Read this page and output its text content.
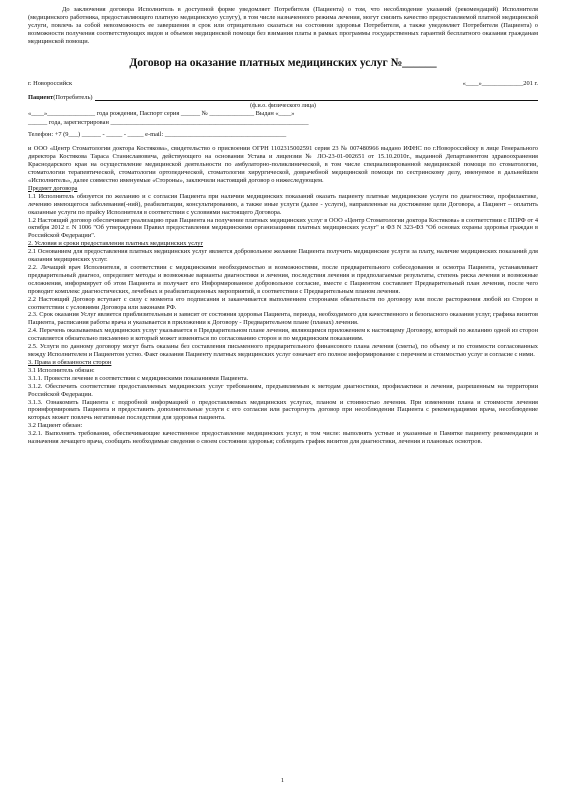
До заключения договора Исполнитель в доступной форме уведомляет Потребителя (Пациента) о том, что несоблюдение указаний (рекомендаций) Исполнителя (медицинского работника, предоставляющего платную медицинскую услугу), в том числе назначенного режима лечения, могут снизить качество предоставляемой платной медицинской услуги, повлечь за собой невозможность ее завершения в срок или отрицательно сказаться на состоянии здоровья Потребителя, а также уведомляет Потребителя (Пациента) о возможности получения соответствующих видов и объемов медицинской помощи без взимания платы в рамках программы государственных гарантий бесплатного оказания гражданам медицинской помощи.

Договор на оказание платных медицинских услуг №______
г. Новороссийск	«____»_____________201 г.
Пациент (Потребитель)
(ф.и.о. физического лица)

«____»_______________ года рождения, Паспорт серия ______ № ______________ Выдан «____»

______ года, зарегистрирован ______________________________________________________________

Телефон: +7 (9___) ______ - _____ - _____ e-mail: ______________________________________

и ООО «Центр Стоматологии доктора Костякова», свидетельство о присвоении ОГРН 1102315002591 серия 23 № 007480966 выдано ИФНС по г.Новороссийску в лице Генерального директора Костякова Тараса Станиславовича, действующего на основании Устава и лицензии № ЛО-23-01-002651 от 15.10.2010г., выданной Департаментом здравоохранения Краснодарского края на осуществление медицинской деятельности по амбулаторно-поликлинической, в том числе специализированной медицинской помощи по стоматологии, стоматологии терапевтической, стоматологии ортопедической, стоматологии хирургической, доврачебной медицинской помощи по сестринскому делу, именуемое в дальнейшем «Исполнитель», далее совместно именуемые «Стороны», заключили настоящий договор о нижеследующем.

Предмет договора

1.1 Исполнитель обязуется по желанию и с согласия Пациента при наличии медицинских показаний оказать пациенту платные медицинские услуги по диагностике, профилактике, лечению имеющегося заболевания(-ний), реабилитации, консультированию, а также иные услуги (далее - услуги), направленные на достижение цели Договора, а Пациент – оплатить оказанные услуги по прайсу Исполнителя в соответствии с условиями настоящего Договора.

1.2 Настоящий договор обеспечивает реализацию прав Пациента на получение платных медицинских услуг в ООО «Центр Стоматологии доктора Костякова» в соответствии с ППРФ от 4 октября 2012 г. N 1006 "Об утверждении Правил предоставления медицинскими организациями платных медицинских услуг" и ФЗ N 323-ФЗ "Об основах охраны здоровья граждан в Российской Федерации".

2. Условия и сроки предоставления платных медицинских услуг

2.1 Основанием для предоставления платных медицинских услуг является добровольное желание Пациента получить медицинские услуги за плату, наличие медицинских показаний для оказания медицинских услуг.

2.2. Лечащий врач Исполнителя, в соответствии с медицинскими необходимостью и возможностями, после предварительного собеседования и осмотра Пациента, устанавливает предварительный диагноз, определяет методы и возможные варианты диагностики и лечения, последствия лечения и предполагаемые результаты, степень риска лечения и возможные осложнения, информирует об этом Пациента и получает его Информированное добровольное согласие, вместе с Пациентом составляет Предварительный план лечения, после чего проводит комплекс диагностических, лечебных и реабилитационных мероприятий, в соответствии с Предварительным планом лечения.

2.2 Настоящий Договор вступает с силу с момента его подписания и заканчивается выполнением сторонами обязательств по договору или после расторжения любой из Сторон в соответствии с условиями Договора или законами РФ.

2.3. Срок оказания Услуг является приблизительным и зависит от состояния здоровья Пациента, периода, необходимого для качественного и безопасного оказания услуг, графика визитов Пациента, расписания работы врача и указывается в приложении к Договору - Предварительном плане (планах) лечения.

2.4. Перечень оказываемых медицинских услуг указывается в Предварительном плане лечения, являющимся приложением к настоящему Договору, который по желанию одной из сторон составляется обязательно письменно и который может изменяться по согласованию сторон и по медицинским показаниям.

2.5. Услуги по данному договору могут быть оказаны без составления письменного предварительного финансового плана лечения (сметы), по объему и по стоимости согласованных между Исполнителем и Пациентом устно. Факт оказания Пациенту платных медицинских услуг означает его полное информирование с перечнем и стоимостью услуг и согласие с ними.

3. Права и обязанности сторон

3.1 Исполнитель обязан:

3.1.1. Провести лечение в соответствии с медицинскими показаниями Пациента.

3.1.2. Обеспечить соответствие предоставляемых медицинских услуг требованиям, предъявляемым к методам диагностики, профилактики и лечения, разрешенным на территории Российской Федерации.

3.1.3. Ознакомить Пациента с подробной информацией о предоставляемых медицинских услугах, планом и стоимостью лечения. При изменении плана и стоимости лечения проинформировать Пациента и предоставить дополнительные услуги с его согласия или расторгнуть договор при несоблюдении Пациента с рекомендациями врача, несоблюдение которых может повлечь негативные последствия для здоровья пациента.

3.2 Пациент обязан:

3.2.1. Выполнять требования, обеспечивающие качественное предоставление медицинских услуг, в том числе: выполнять устные и указанные в Памятке пациенту рекомендации и назначения лечащего врача, сообщать необходимые сведения о своем состоянии здоровья; соблюдать график визитов для диагностики, лечения и плановых осмотров.

1
